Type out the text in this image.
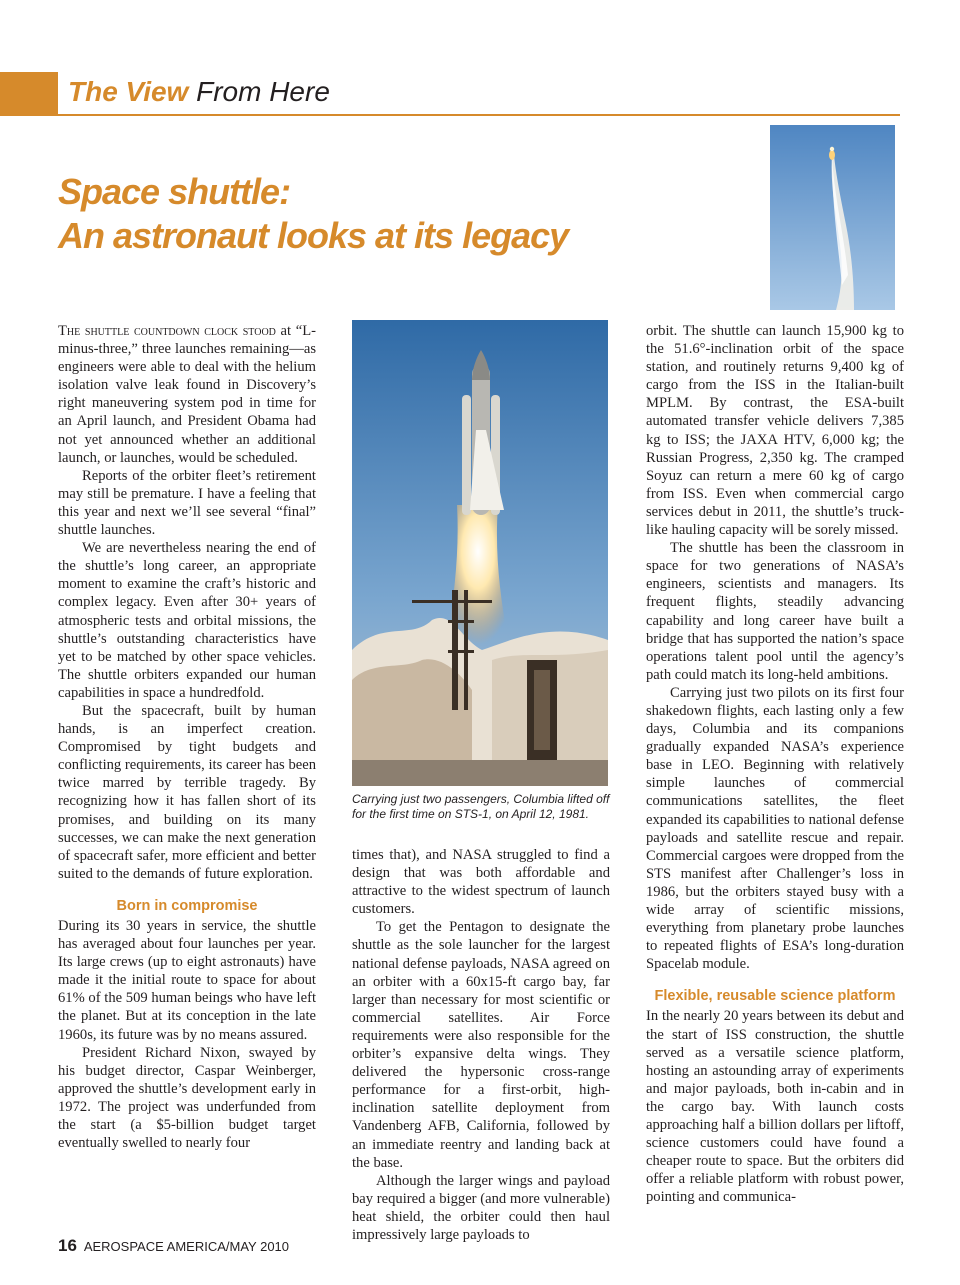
The View From Here
Space shuttle:
An astronaut looks at its legacy

The shuttle countdown clock stood at “L-minus-three,” three launches remaining—as engineers were able to deal with the helium isolation valve leak found in Discovery’s right maneuvering system pod in time for an April launch, and President Obama had not yet announced whether an additional launch, or launches, would be scheduled.

Reports of the orbiter fleet’s retirement may still be premature. I have a feeling that this year and next we’ll see several “final” shuttle launches.

We are nevertheless nearing the end of the shuttle’s long career, an appropriate moment to examine the craft’s historic and complex legacy. Even after 30+ years of atmospheric tests and orbital missions, the shuttle’s outstanding characteristics have yet to be matched by other space vehicles. The shuttle orbiters expanded our human capabilities in space a hundredfold.

But the spacecraft, built by human hands, is an imperfect creation. Compromised by tight budgets and conflicting requirements, its career has been twice marred by terrible tragedy. By recognizing how it has fallen short of its promises, and building on its many successes, we can make the next generation of spacecraft safer, more efficient and better suited to the demands of future exploration.

Born in compromise

During its 30 years in service, the shuttle has averaged about four launches per year. Its large crews (up to eight astronauts) have made it the initial route to space for about 61% of the 509 human beings who have left the planet. But at its conception in the late 1960s, its future was by no means assured.

President Richard Nixon, swayed by his budget director, Caspar Weinberger, approved the shuttle’s development early in 1972. The project was underfunded from the start (a $5-billion budget target eventually swelled to nearly four

Carrying just two passengers, Columbia lifted off for the first time on STS-1, on April 12, 1981.

times that), and NASA struggled to find a design that was both affordable and attractive to the widest spectrum of launch customers.

To get the Pentagon to designate the shuttle as the sole launcher for the largest national defense payloads, NASA agreed on an orbiter with a 60x15-ft cargo bay, far larger than necessary for most scientific or commercial satellites. Air Force requirements were also responsible for the orbiter’s expansive delta wings. They delivered the hypersonic cross-range performance for a first-orbit, high-inclination satellite deployment from Vandenberg AFB, California, followed by an immediate reentry and landing back at the base.

Although the larger wings and payload bay required a bigger (and more vulnerable) heat shield, the orbiter could then haul impressively large payloads to

orbit. The shuttle can launch 15,900 kg to the 51.6°-inclination orbit of the space station, and routinely returns 9,400 kg of cargo from the ISS in the Italian-built MPLM. By contrast, the ESA-built automated transfer vehicle delivers 7,385 kg to ISS; the JAXA HTV, 6,000 kg; the Russian Progress, 2,350 kg. The cramped Soyuz can return a mere 60 kg of cargo from ISS. Even when commercial cargo services debut in 2011, the shuttle’s truck-like hauling capacity will be sorely missed.

The shuttle has been the classroom in space for two generations of NASA’s engineers, scientists and managers. Its frequent flights, steadily advancing capability and long career have built a bridge that has supported the nation’s space operations talent pool until the agency’s path could match its long-held ambitions.

Carrying just two pilots on its first four shakedown flights, each lasting only a few days, Columbia and its companions gradually expanded NASA’s experience base in LEO. Beginning with relatively simple launches of commercial communications satellites, the fleet expanded its capabilities to national defense payloads and satellite rescue and repair. Commercial cargoes were dropped from the STS manifest after Challenger’s loss in 1986, but the orbiters stayed busy with a wide array of scientific missions, everything from planetary probe launches to repeated flights of ESA’s long-duration Spacelab module.

Flexible, reusable science platform

In the nearly 20 years between its debut and the start of ISS construction, the shuttle served as a versatile science platform, hosting an astounding array of experiments and major payloads, both in-cabin and in the cargo bay. With launch costs approaching half a billion dollars per liftoff, science customers could have found a cheaper route to space. But the orbiters did offer a reliable platform with robust power, pointing and communica-

16 AEROSPACE AMERICA/MAY 2010
